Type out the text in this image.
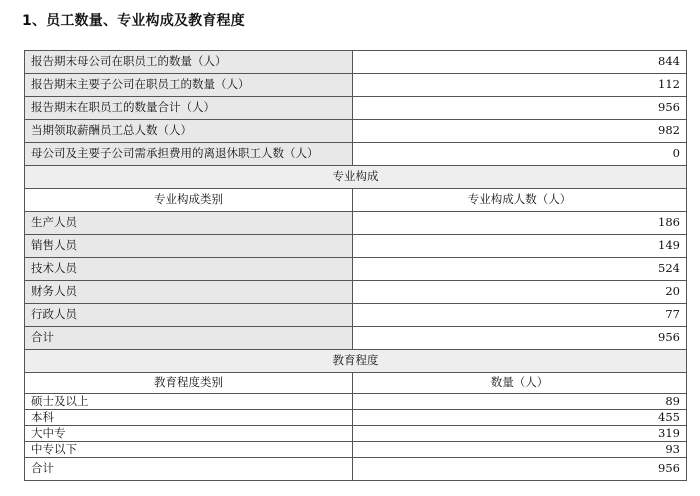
1、员工数量、专业构成及教育程度
报告期末母公司在职员工的数量（人）	844
报告期末主要子公司在职员工的数量（人）	112
报告期末在职员工的数量合计（人）	956
当期领取薪酬员工总人数（人）	982
母公司及主要子公司需承担费用的离退休职工人数（人）	0
专业构成	
专业构成类别	专业构成人数（人）
生产人员	186
销售人员	149
技术人员	524
财务人员	20
行政人员	77
合计	956
教育程度	
教育程度类别	数量（人）
硕士及以上	89
本科	455
大中专	319
中专以下	93
合计	956
